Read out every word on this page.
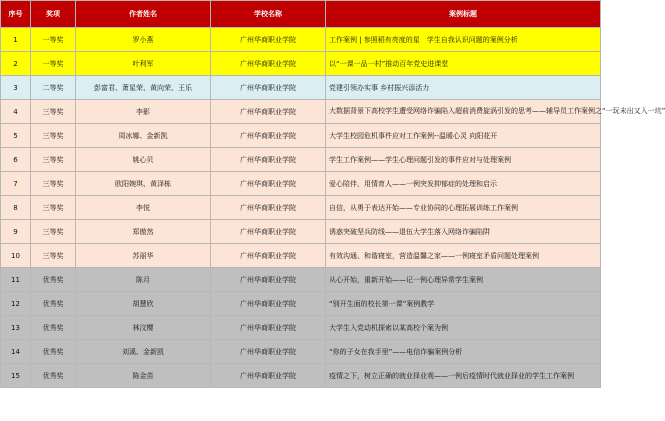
序号	奖项	作者姓名	学校名称	案例标题
1	一等奖	罗小燕	广州华商职业学院	工作案例 | 参照稻有亮度的星　学生自我认识问题的案例分析
2	一等奖	叶利军	广州华商职业学院	以“一课一品一村”推动百年党史进课堂
3	二等奖	彭富君、萧星荣、黄向荣、王乐	广州华商职业学院	党建引领办实事 乡村振兴添活力
4	三等奖	李影	广州华商职业学院	大数据背景下高校学生遭受网络诈骗陷入超前消费旋涡引发的思考——辅导员工作案例之“一玩未出又入一坑”
5	三等奖	周冰娜、金新凯	广州华商职业学院	大学生校园危机事件应对工作案例--温暖心灵 向阳花开
6	三等奖	姚心贝	广州华商职业学院	学生工作案例——学生心理问题引发的事件应对与处理案例
7	三等奖	欧阳婉琪、黄泽栋	广州华商职业学院	爱心陪伴，用情育人——一例突发抑郁症的处理和启示
8	三等奖	李悦	广州华商职业学院	自信，从勇于表达开始——专业协同的心理拓展训练工作案例
9	三等奖	郑傲然	广州华商职业学院	诱惑突破坚兵防线——退伍大学生落入网络诈骗陷阱
10	三等奖	苏丽华	广州华商职业学院	有效沟通、和谐寝室，营造温馨之家——一例寝室矛盾问题处理案例
11	优秀奖	陈月	广州华商职业学院	从心开始，重新开始——记一例心理异常学生案例
12	优秀奖	胡慧欣	广州华商职业学院	“别开生面的校长第一课”案例教学
13	优秀奖	林汶樱	广州华商职业学院	大学生入党动机探索以某高校个案为例
14	优秀奖	刘溪、金新凯	广州华商职业学院	“你的子女在我手里”——电信诈骗案例分析
15	优秀奖	陈金苗	广州华商职业学院	疫情之下，树立正确的就业择业观——一例后疫情时代就业择业的学生工作案例
